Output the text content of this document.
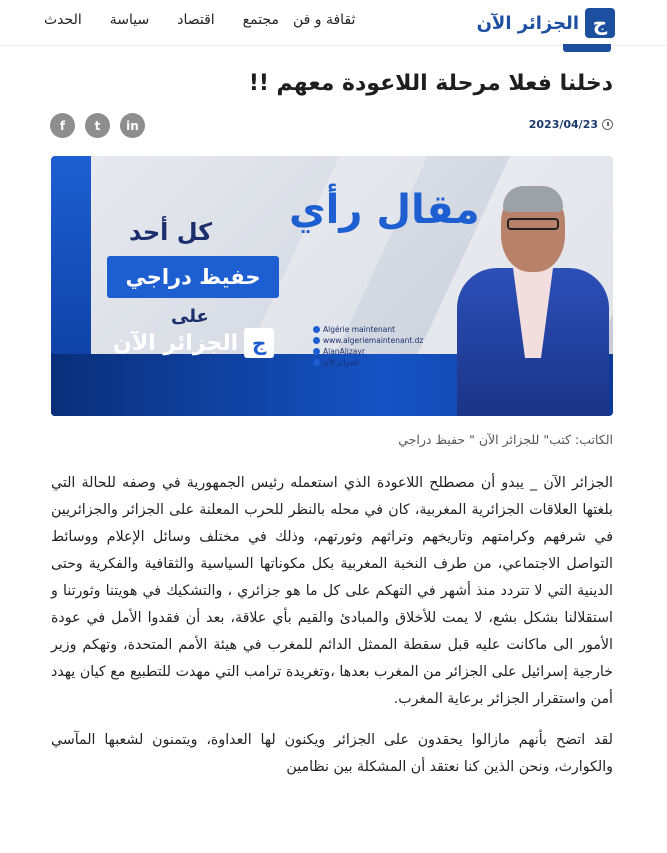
ج
الجزائر الآن
الحدث	سياسة	اقتصاد	مجتمع	ثقافة و فن
دخلنا فعلا مرحلة اللاعودة معهم !!
2023/04/23
in
t
f
مقال رأي
كل أحد
حفيظ دراجي
على
ج
الجزائر الآن
Algérie maintenant
www.algeriemaintenant.dz
AlanAljzayr
الجزائر الآن
الكاتب: كتب" للجزائر الآن " حفيظ دراجي

الجزائر الآن _ يبدو أن مصطلح اللاعودة الذي استعمله رئيس الجمهورية في وصفه للحالة التي بلغتها العلاقات الجزائرية المغربية، كان في محله بالنظر للحرب المعلنة على الجزائر والجزائريين في شرفهم وكرامتهم وتاريخهم وتراثهم وثورتهم، وذلك في مختلف وسائل الإعلام ووسائط التواصل الاجتماعي، من طرف النخبة المغربية بكل مكوناتها السياسية والثقافية والفكرية وحتى الدينية التي لا تتردد منذ أشهر في التهكم على كل ما هو جزائري ، والتشكيك في هويتنا وثورتنا و استقلالنا بشكل بشع، لا يمت للأخلاق والمبادئ والقيم بأي علاقة، بعد أن فقدوا الأمل في عودة الأمور الى ماكانت عليه قبل سقطة الممثل الدائم للمغرب في هيئة الأمم المتحدة، وتهكم وزير خارجية إسرائيل على الجزائر من المغرب بعدها ،وتغريدة ترامب التي مهدت للتطبيع مع كيان يهدد أمن واستقرار الجزائر برعاية المغرب.

لقد اتضح بأنهم مازالوا يحقدون على الجزائر ويكنون لها العداوة، ويتمنون لشعبها المآسي والكوارث، ونحن الذين كنا نعتقد أن المشكلة بين نظامين
